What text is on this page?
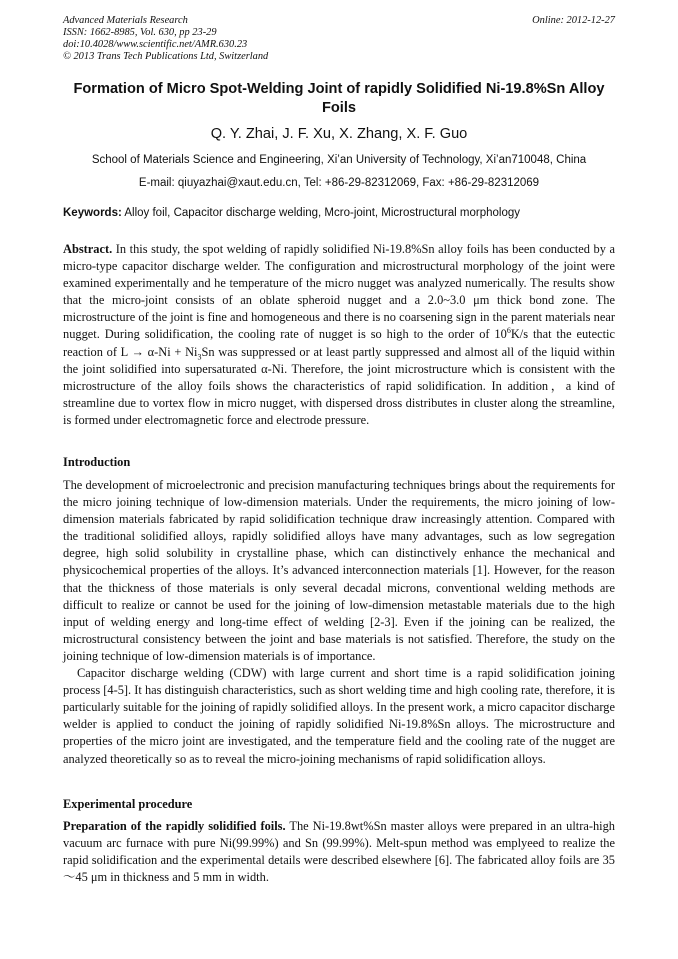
Advanced Materials Research
ISSN: 1662-8985, Vol. 630, pp 23-29
doi:10.4028/www.scientific.net/AMR.630.23
© 2013 Trans Tech Publications Ltd, Switzerland
Online: 2012-12-27
Formation of Micro Spot-Welding Joint of rapidly Solidified Ni-19.8%Sn Alloy Foils
Q. Y. Zhai, J. F. Xu, X. Zhang, X. F. Guo
School of Materials Science and Engineering, Xi’an University of Technology, Xi’an710048, China
E-mail: qiuyazhai@xaut.edu.cn, Tel: +86-29-82312069, Fax: +86-29-82312069
Keywords: Alloy foil, Capacitor discharge welding, Mcro-joint, Microstructural morphology

Abstract. In this study, the spot welding of rapidly solidified Ni-19.8%Sn alloy foils has been conducted by a micro-type capacitor discharge welder. The configuration and microstructural morphology of the joint were examined experimentally and he temperature of the micro nugget was analyzed numerically. The results show that the micro-joint consists of an oblate spheroid nugget and a 2.0~3.0 μm thick bond zone. The microstructure of the joint is fine and homogeneous and there is no coarsening sign in the parent materials near nugget. During solidification, the cooling rate of nugget is so high to the order of $10^6K/s$ that the eutectic reaction of $L \to \alpha-Ni + Ni_3Sn$ was suppressed or at least partly suppressed and almost all of the liquid within the joint solidified into supersaturated α-Ni. Therefore, the joint microstructure which is consistent with the microstructure of the alloy foils shows the characteristics of rapid solidification. In addition，a kind of streamline due to vortex flow in micro nugget, with dispersed dross distributes in cluster along the streamline, is formed under electromagnetic force and electrode pressure.

Introduction

The development of microelectronic and precision manufacturing techniques brings about the requirements for the micro joining technique of low-dimension materials. Under the requirements, the micro joining of low-dimension materials fabricated by rapid solidification technique draw increasingly attention. Compared with the traditional solidified alloys, rapidly solidified alloys have many advantages, such as low segregation degree, high solid solubility in crystalline phase, which can distinctively enhance the mechanical and physicochemical properties of the alloys. It’s advanced interconnection materials [1]. However, for the reason that the thickness of those materials is only several decadal microns, conventional welding methods are difficult to realize or cannot be used for the joining of low-dimension metastable materials due to the high input of welding energy and long-time effect of welding [2-3]. Even if the joining can be realized, the microstructural consistency between the joint and base materials is not satisfied. Therefore, the study on the joining technique of low-dimension materials is of importance.

Capacitor discharge welding (CDW) with large current and short time is a rapid solidification joining process [4-5]. It has distinguish characteristics, such as short welding time and high cooling rate, therefore, it is particularly suitable for the joining of rapidly solidified alloys. In the present work, a micro capacitor discharge welder is applied to conduct the joining of rapidly solidified Ni-19.8%Sn alloys. The microstructure and properties of the micro joint are investigated, and the temperature field and the cooling rate of the nugget are analyzed theoretically so as to reveal the micro-joining mechanisms of rapid solidification alloys.

Experimental procedure

Preparation of the rapidly solidified foils. The Ni-19.8wt%Sn master alloys were prepared in an ultra-high vacuum arc furnace with pure Ni(99.99%) and Sn (99.99%). Melt-spun method was emplyeed to realize the rapid solidification and the experimental details were described elsewhere [6]. The fabricated alloy foils are 35～45 μm in thickness and 5 mm in width.
